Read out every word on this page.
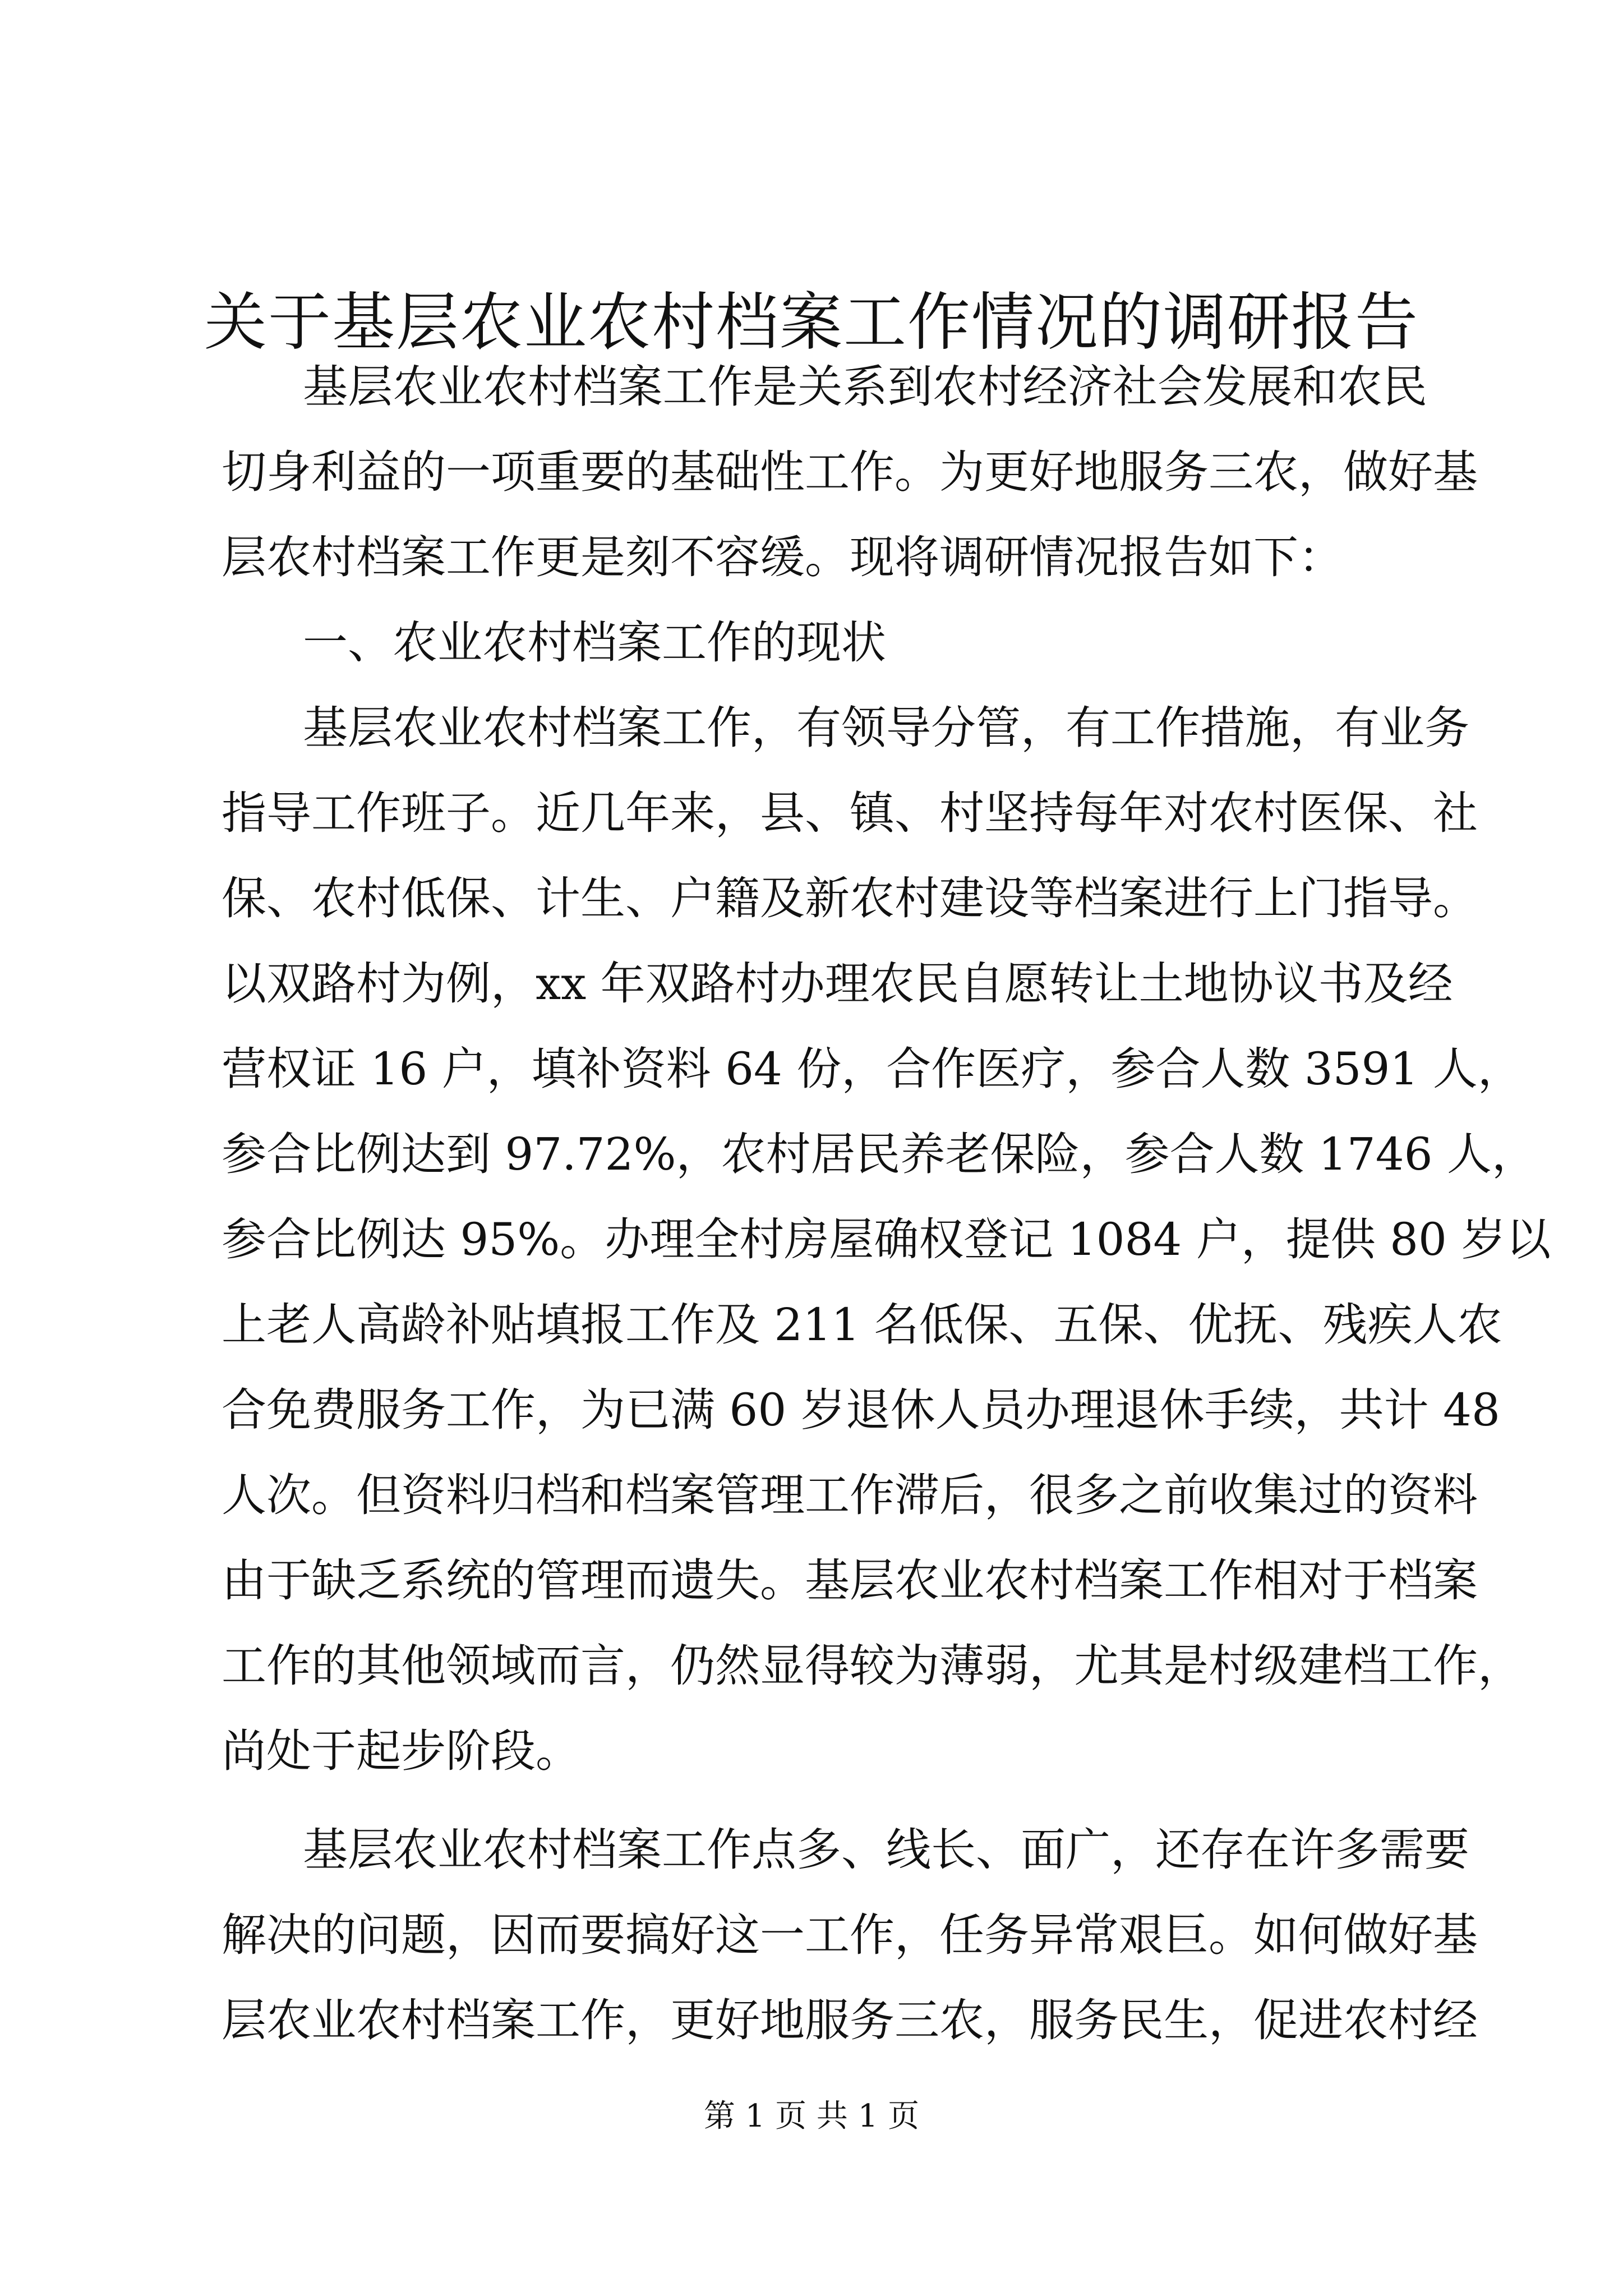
关于基层农业农村档案工作情况的调研报告
基层农业农村档案工作是关系到农村经济社会发展和农民
切身利益的一项重要的基础性工作。为更好地服务三农，做好基
层农村档案工作更是刻不容缓。现将调研情况报告如下：
一、农业农村档案工作的现状
基层农业农村档案工作，有领导分管，有工作措施，有业务
指导工作班子。近几年来，县、镇、村坚持每年对农村医保、社
保、农村低保、计生、户籍及新农村建设等档案进行上门指导。
以双路村为例，xx 年双路村办理农民自愿转让土地协议书及经
营权证 16 户，填补资料 64 份，合作医疗，参合人数 3591 人，
参合比例达到 97.72%，农村居民养老保险，参合人数 1746 人，
参合比例达 95%。办理全村房屋确权登记 1084 户，提供 80 岁以
上老人高龄补贴填报工作及 211 名低保、五保、优抚、残疾人农
合免费服务工作，为已满 60 岁退休人员办理退休手续，共计 48
人次。但资料归档和档案管理工作滞后，很多之前收集过的资料
由于缺乏系统的管理而遗失。基层农业农村档案工作相对于档案
工作的其他领域而言，仍然显得较为薄弱，尤其是村级建档工作，
尚处于起步阶段。
基层农业农村档案工作点多、线长、面广，还存在许多需要
解决的问题，因而要搞好这一工作，任务异常艰巨。如何做好基
层农业农村档案工作，更好地服务三农，服务民生，促进农村经
第 1 页 共 1 页
